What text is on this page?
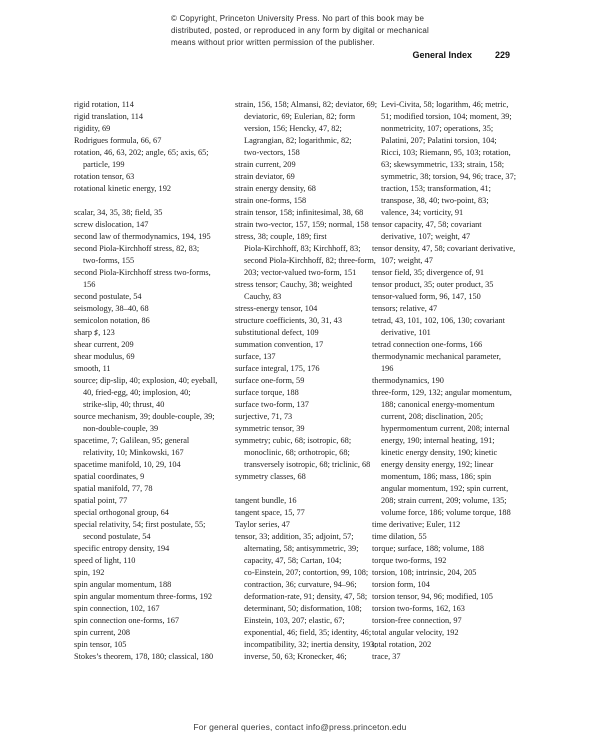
© Copyright, Princeton University Press. No part of this book may be
distributed, posted, or reproduced in any form by digital or mechanical
means without prior written permission of the publisher.
General Index	229
rigid rotation, 114
rigid translation, 114
rigidity, 69
Rodrigues formula, 66, 67
rotation, 46, 63, 202; angle, 65; axis, 65;
particle, 199
rotation tensor, 63
rotational kinetic energy, 192
scalar, 34, 35, 38; field, 35
screw dislocation, 147
second law of thermodynamics, 194, 195
second Piola-Kirchhoff stress, 82, 83;
two-forms, 155
second Piola-Kirchhoff stress two-forms,
156
second postulate, 54
seismology, 38–40, 68
semicolon notation, 86
sharp ♯, 123
shear current, 209
shear modulus, 69
smooth, 11
source; dip-slip, 40; explosion, 40; eyeball,
40, fried-egg, 40; implosion, 40;
strike-slip, 40; thrust, 40
source mechanism, 39; double-couple, 39;
non-double-couple, 39
spacetime, 7; Galilean, 95; general
relativity, 10; Minkowski, 167
spacetime manifold, 10, 29, 104
spatial coordinates, 9
spatial manifold, 77, 78
spatial point, 77
special orthogonal group, 64
special relativity, 54; first postulate, 55;
second postulate, 54
specific entropy density, 194
speed of light, 110
spin, 192
spin angular momentum, 188
spin angular momentum three-forms, 192
spin connection, 102, 167
spin connection one-forms, 167
spin current, 208
spin tensor, 105
Stokes’s theorem, 178, 180; classical, 180
strain, 156, 158; Almansi, 82; deviator, 69;
deviatoric, 69; Eulerian, 82; form
version, 156; Hencky, 47, 82;
Lagrangian, 82; logarithmic, 82;
two-vectors, 158
strain current, 209
strain deviator, 69
strain energy density, 68
strain one-forms, 158
strain tensor, 158; infinitesimal, 38, 68
strain two-vector, 157, 159; normal, 158
stress, 38; couple, 189; first
Piola-Kirchhoff, 83; Kirchhoff, 83;
second Piola-Kirchhoff, 82; three-form,
203; vector-valued two-form, 151
stress tensor; Cauchy, 38; weighted
Cauchy, 83
stress-energy tensor, 104
structure coefficients, 30, 31, 43
substitutional defect, 109
summation convention, 17
surface, 137
surface integral, 175, 176
surface one-form, 59
surface torque, 188
surface two-form, 137
surjective, 71, 73
symmetric tensor, 39
symmetry; cubic, 68; isotropic, 68;
monoclinic, 68; orthotropic, 68;
transversely isotropic, 68; triclinic, 68
symmetry classes, 68
tangent bundle, 16
tangent space, 15, 77
Taylor series, 47
tensor, 33; addition, 35; adjoint, 57;
alternating, 58; antisymmetric, 39;
capacity, 47, 58; Cartan, 104;
co-Einstein, 207; contortion, 99, 108;
contraction, 36; curvature, 94–96;
deformation-rate, 91; density, 47, 58;
determinant, 50; disformation, 108;
Einstein, 103, 207; elastic, 67;
exponential, 46; field, 35; identity, 46;
incompatibility, 32; inertia density, 193;
inverse, 50, 63; Kronecker, 46;
Levi-Civita, 58; logarithm, 46; metric,
51; modified torsion, 104; moment, 39;
nonmetricity, 107; operations, 35;
Palatini, 207; Palatini torsion, 104;
Ricci, 103; Riemann, 95, 103; rotation,
63; skewsymmetric, 133; strain, 158;
symmetric, 38; torsion, 94, 96; trace, 37;
traction, 153; transformation, 41;
transpose, 38, 40; two-point, 83;
valence, 34; vorticity, 91
tensor capacity, 47, 58; covariant
derivative, 107; weight, 47
tensor density, 47, 58; covariant derivative,
107; weight, 47
tensor field, 35; divergence of, 91
tensor product, 35; outer product, 35
tensor-valued form, 96, 147, 150
tensors; relative, 47
tetrad, 43, 101, 102, 106, 130; covariant
derivative, 101
tetrad connection one-forms, 166
thermodynamic mechanical parameter,
196
thermodynamics, 190
three-form, 129, 132; angular momentum,
188; canonical energy-momentum
current, 208; disclination, 205;
hypermomentum current, 208; internal
energy, 190; internal heating, 191;
kinetic energy density, 190; kinetic
energy density energy, 192; linear
momentum, 186; mass, 186; spin
angular momentum, 192; spin current,
208; strain current, 209; volume, 135;
volume force, 186; volume torque, 188
time derivative; Euler, 112
time dilation, 55
torque; surface, 188; volume, 188
torque two-forms, 192
torsion, 108; intrinsic, 204, 205
torsion form, 104
torsion tensor, 94, 96; modified, 105
torsion two-forms, 162, 163
torsion-free connection, 97
total angular velocity, 192
total rotation, 202
trace, 37
For general queries, contact info@press.princeton.edu
